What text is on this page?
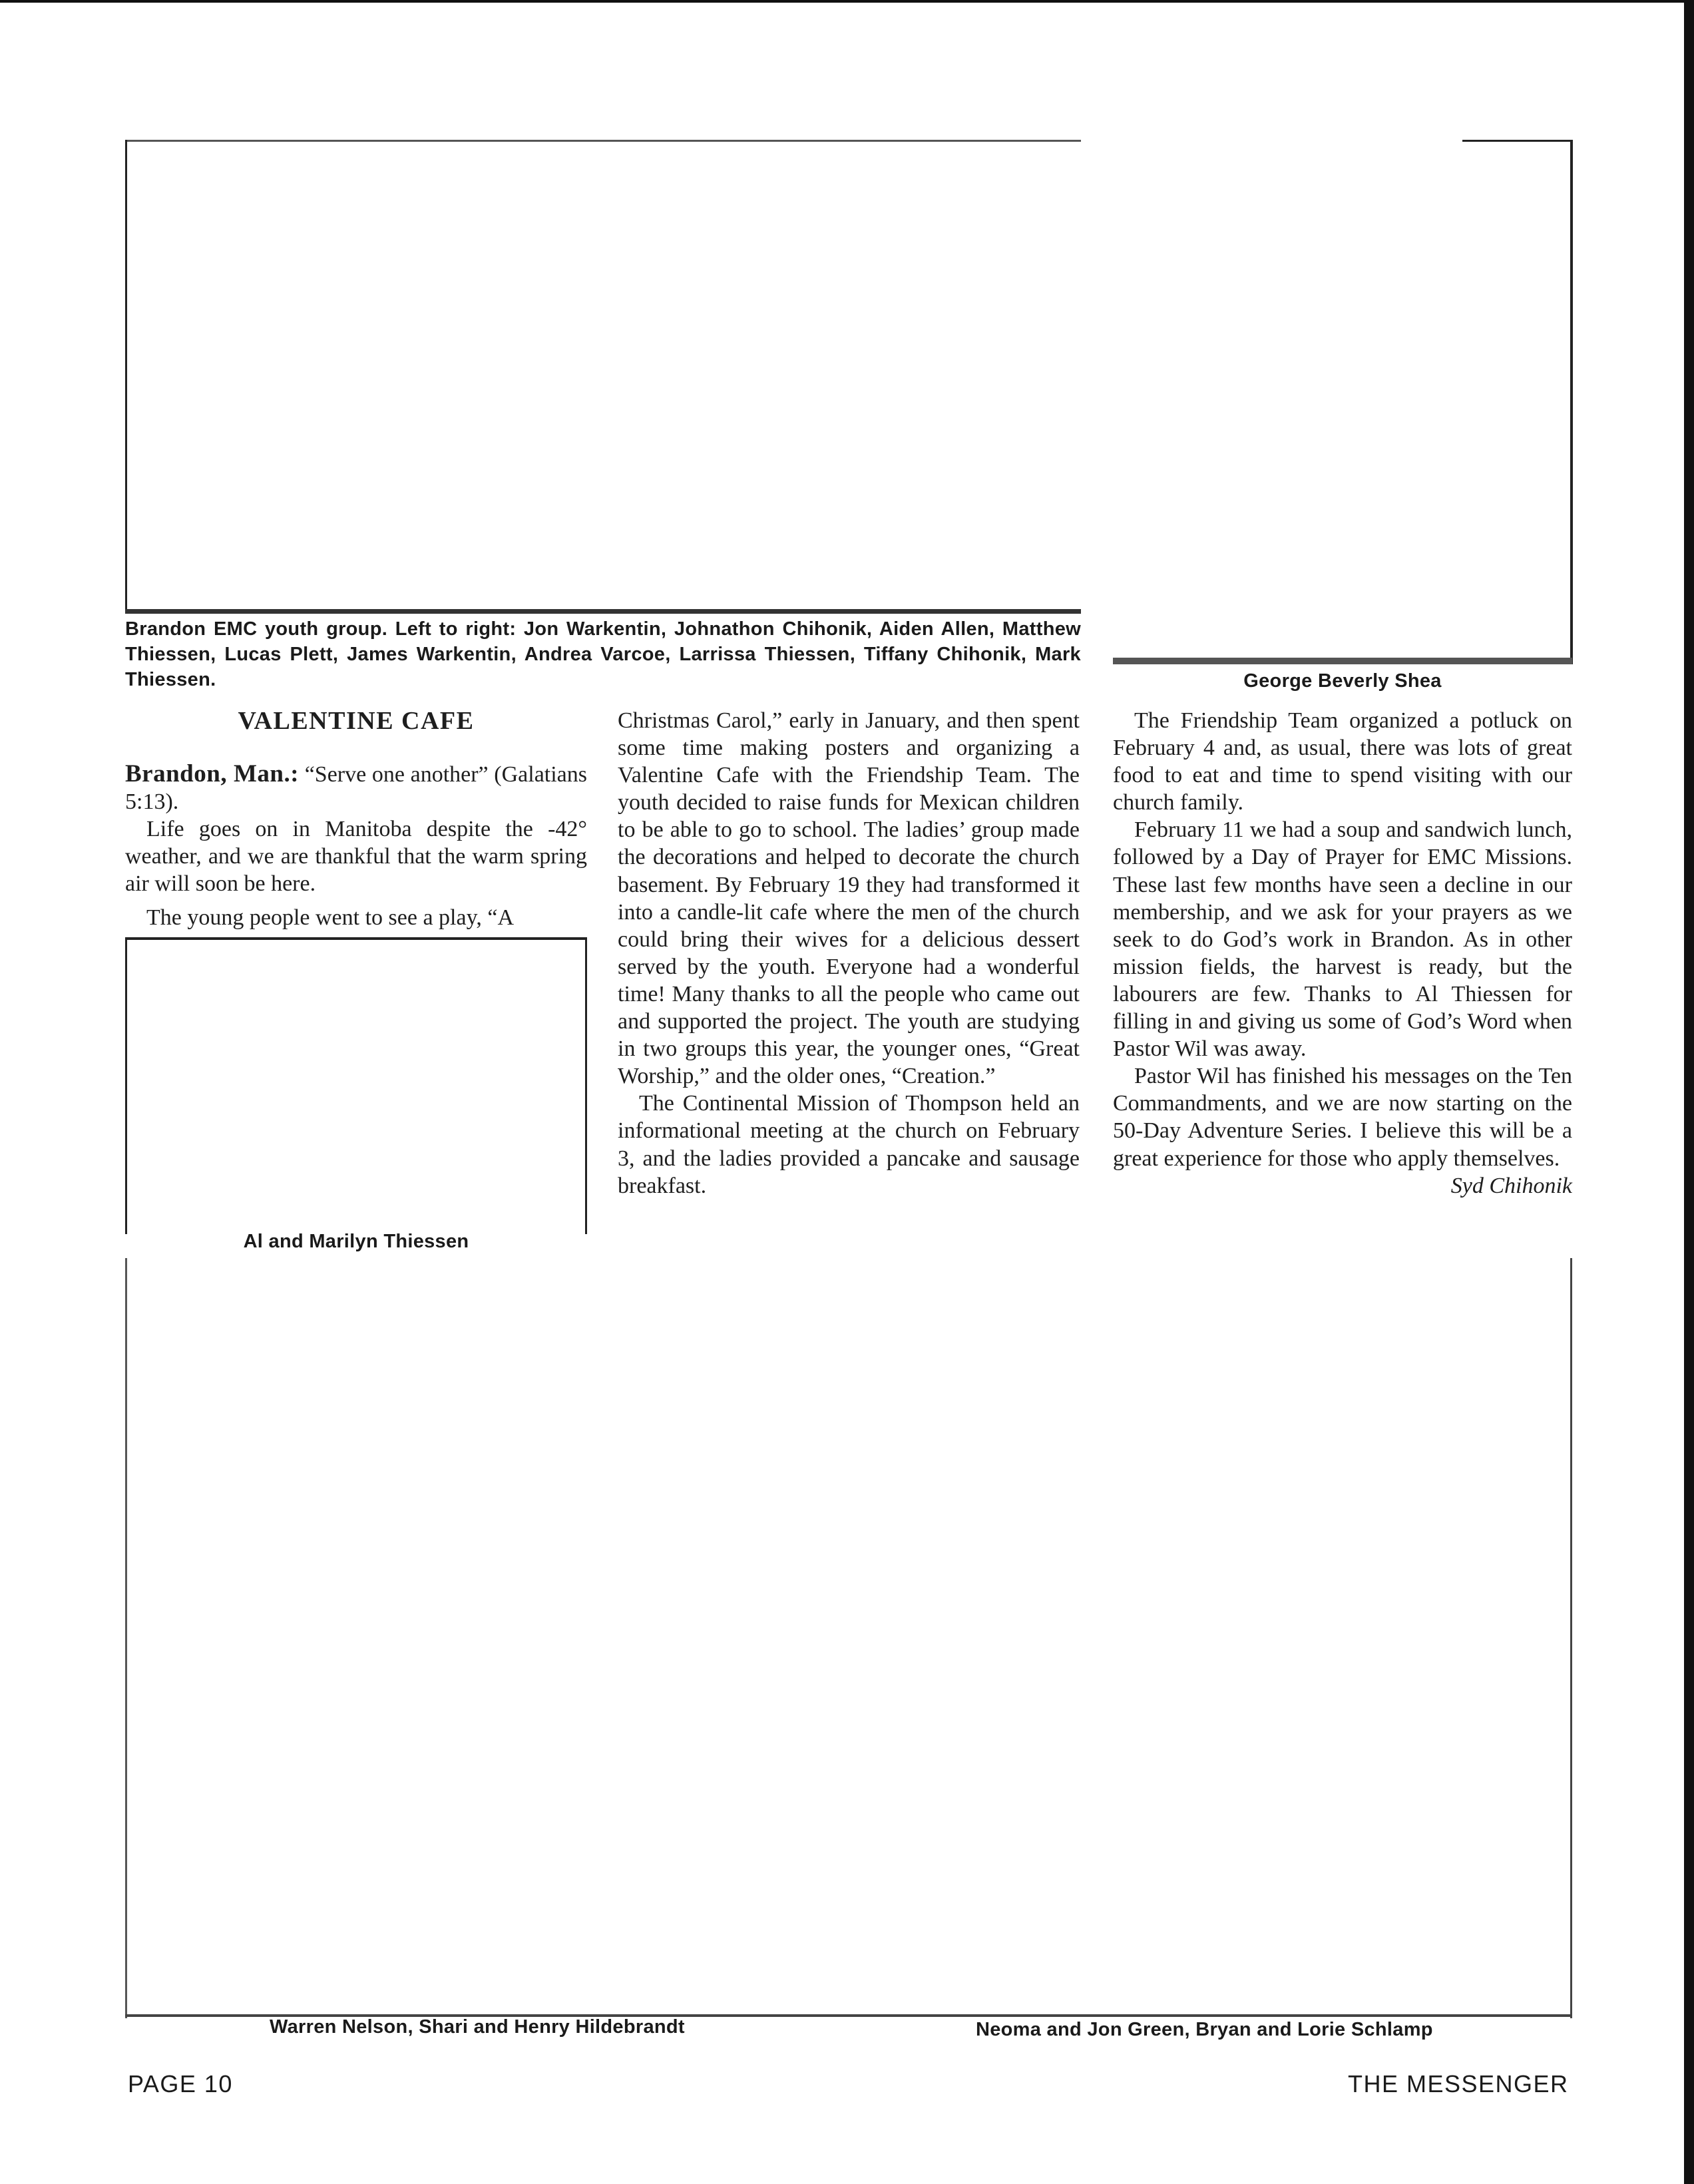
Brandon EMC youth group. Left to right: Jon Warkentin, Johnathon Chihonik, Aiden Allen, Matthew Thiessen, Lucas Plett, James Warkentin, Andrea Varcoe, Larrissa Thiessen, Tiffany Chihonik, Mark Thiessen.	George Beverly Shea
VALENTINE CAFE

Brandon, Man.: “Serve one another” (Galatians 5:13).

Life goes on in Manitoba despite the -42° weather, and we are thankful that the warm spring air will soon be here.

The young people went to see a play, “A

Al and Marilyn Thiessen

Christmas Carol,” early in January, and then spent some time making posters and organizing a Valentine Cafe with the Friendship Team. The youth decided to raise funds for Mexican children to be able to go to school. The ladies’ group made the decorations and helped to decorate the church basement. By February 19 they had transformed it into a candle-lit cafe where the men of the church could bring their wives for a delicious dessert served by the youth. Everyone had a wonderful time! Many thanks to all the people who came out and supported the project. The youth are studying in two groups this year, the younger ones, “Great Worship,” and the older ones, “Creation.”

The Continental Mission of Thompson held an informational meeting at the church on February 3, and the ladies provided a pancake and sausage breakfast.

The Friendship Team organized a potluck on February 4 and, as usual, there was lots of great food to eat and time to spend visiting with our church family.

February 11 we had a soup and sandwich lunch, followed by a Day of Prayer for EMC Missions. These last few months have seen a decline in our membership, and we ask for your prayers as we seek to do God’s work in Brandon. As in other mission fields, the harvest is ready, but the labourers are few. Thanks to Al Thiessen for filling in and giving us some of God’s Word when Pastor Wil was away.

Pastor Wil has finished his messages on the Ten Commandments, and we are now starting on the 50-Day Adventure Series. I believe this will be a great experience for those who apply themselves.

Syd Chihonik

Warren Nelson, Shari and Henry Hildebrandt	Neoma and Jon Green, Bryan and Lorie Schlamp
PAGE 10	THE MESSENGER
